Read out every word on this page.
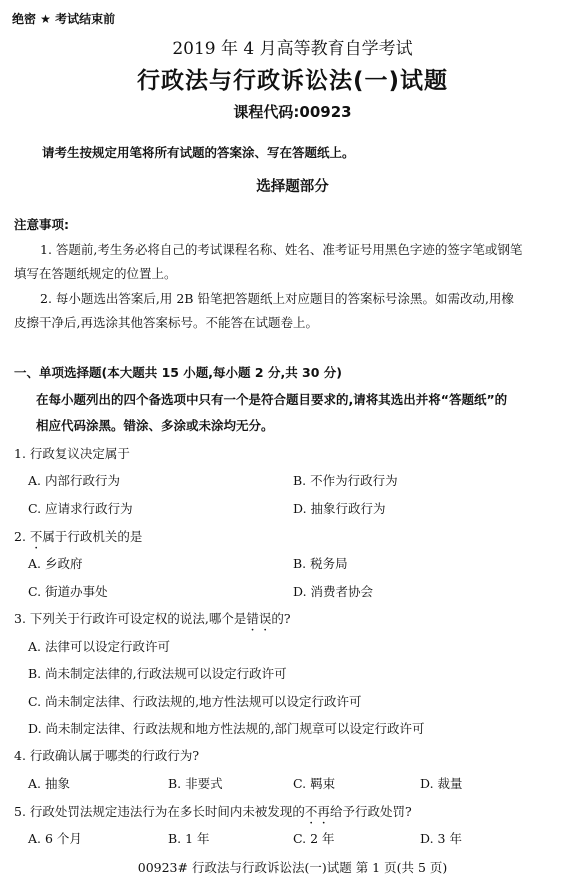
绝密 ★ 考试结束前
2019 年 4 月高等教育自学考试
行政法与行政诉讼法(一)试题
课程代码:00923
请考生按规定用笔将所有试题的答案涂、写在答题纸上。
选择题部分
注意事项:
1. 答题前,考生务必将自己的考试课程名称、姓名、准考证号用黑色字迹的签字笔或钢笔
填写在答题纸规定的位置上。
2. 每小题选出答案后,用 2B 铅笔把答题纸上对应题目的答案标号涂黑。如需改动,用橡
皮擦干净后,再选涂其他答案标号。不能答在试题卷上。
一、单项选择题(本大题共 15 小题,每小题 2 分,共 30 分)
在每小题列出的四个备选项中只有一个是符合题目要求的,请将其选出并将“答题纸”的
相应代码涂黑。错涂、多涂或未涂均无分。
1. 行政复议决定属于
A. 内部行政行为	B. 不作为行政行为
C. 应请求行政行为	D. 抽象行政行为
2. 不属于行政机关的是
A. 乡政府	B. 税务局
C. 街道办事处	D. 消费者协会
3. 下列关于行政许可设定权的说法,哪个是错误的?
A. 法律可以设定行政许可
B. 尚未制定法律的,行政法规可以设定行政许可
C. 尚未制定法律、行政法规的,地方性法规可以设定行政许可
D. 尚未制定法律、行政法规和地方性法规的,部门规章可以设定行政许可
4. 行政确认属于哪类的行政行为?
A. 抽象	B. 非要式	C. 羁束	D. 裁量
5. 行政处罚法规定违法行为在多长时间内未被发现的不再给予行政处罚?
A. 6 个月	B. 1 年	C. 2 年	D. 3 年
00923# 行政法与行政诉讼法(一)试题 第 1 页(共 5 页)
